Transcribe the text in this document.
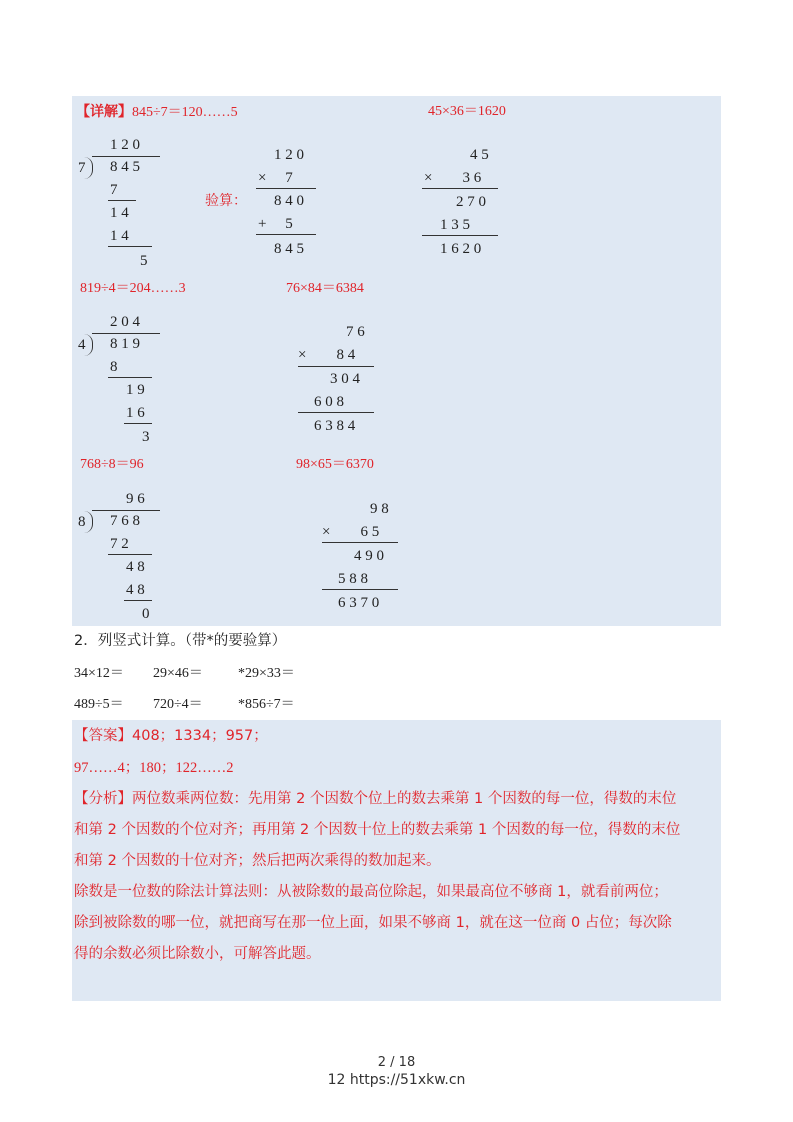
【详解】845÷7＝120……5	45×36＝1620
1 2 0
7 8 4 5
7
1 4
1 4
5
验算：
1 2 0
×　 7
8 4 0
+　 5
8 4 5
4 5
×　　3 6
2 7 0
1 3 5
1 6 2 0
819÷4＝204……3	76×84＝6384
2 0 4
4 8 1 9
8
1 9
1 6
3
7 6
×　　8 4
3 0 4
6 0 8
6 3 8 4
768÷8＝96	98×65＝6370
9 6
8 7 6 8
7 2
4 8
4 8
0
9 8
×　　6 5
4 9 0
5 8 8
6 3 7 0
2．列竖式计算。（带*的要验算）
34×12＝ 29×46＝	*29×33＝
489÷5＝ 720÷4＝	*856÷7＝
【答案】408；1334；957；
97……4；180；122……2
【分析】两位数乘两位数：先用第 2 个因数个位上的数去乘第 1 个因数的每一位，得数的末位
和第 2 个因数的个位对齐；再用第 2 个因数十位上的数去乘第 1 个因数的每一位，得数的末位
和第 2 个因数的十位对齐；然后把两次乘得的数加起来。
除数是一位数的除法计算法则：从被除数的最高位除起，如果最高位不够商 1，就看前两位；
除到被除数的哪一位，就把商写在那一位上面，如果不够商 1，就在这一位商 0 占位；每次除
得的余数必须比除数小，可解答此题。
2 / 18
12 https://51xkw.cn
